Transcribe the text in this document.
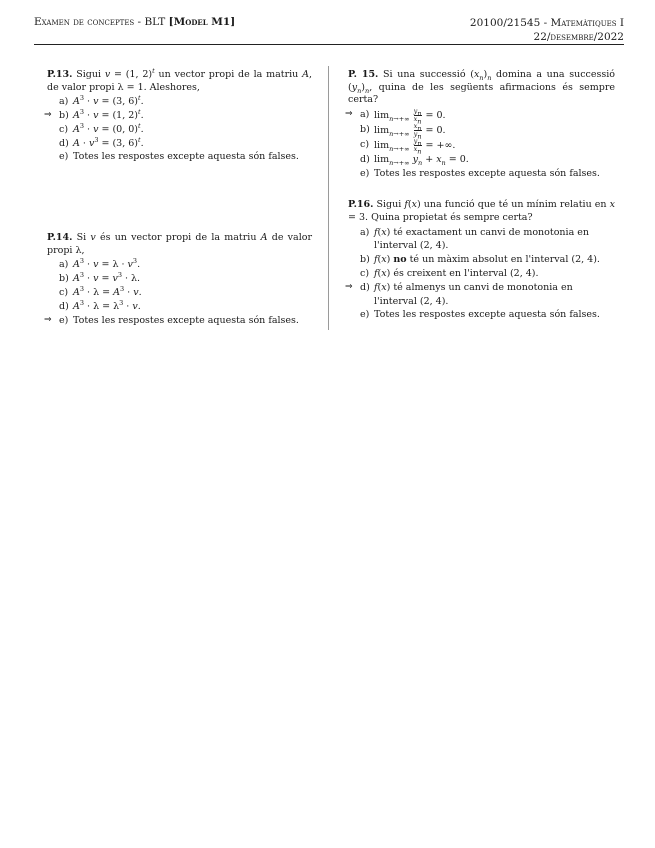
Examen de conceptes - BLT [Model M1]	20100/21545 - Matemàtiques I
22/desembre/2022
P.13. Sigui v = (1, 2)$^t$ un vector propi de la matriu A, de valor propi λ = 1. Aleshores,
a) $A^3 \cdot v = (3$, 6)$^t$.
⇒ b) $A^3 \cdot v = (1$, 2)$^t$.
c) $A^3 \cdot v = (0$, 0)$^t$.
d) $A \cdot v^3 = (3$, 6)$^t$.
e) Totes les respostes excepte aquesta són falses.
P.14. Si v és un vector propi de la matriu A de valor propi λ,
a) $A^3 \cdot v = \lambda \cdot v^3$.
b) $A^3 \cdot v = v^3 \cdot \lambda$.
c) $A^3 \cdot \lambda = A^3 \cdot v$.
d) $A^3 \cdot \lambda = \lambda^3 \cdot v$.
⇒ e) Totes les respostes excepte aquesta són falses.
P. 15. Si una successió $(x_n)_n$ domina a una successió $(y_n)_n$, quina de les següents afirmacions és sempre certa?
⇒ a) $\lim_{n\to+\infty} \frac{y_n}{x_n} = 0$.
b) $\lim_{n\to+\infty} \frac{x_n}{y_n} = 0$.
c) $\lim_{n\to+\infty} \frac{y_n}{x_n}$ = +∞.
d) $\lim_{n\to+\infty} y_n + x_n = 0$.
e) Totes les respostes excepte aquesta són falses.
P.16. Sigui f(x) una funció que té un mínim relatiu en x = 3. Quina propietat és sempre certa?
a) f(x) té exactament un canvi de monotonia en l'interval (2, 4).
b) f(x) no té un màxim absolut en l'interval (2, 4).
c) f(x) és creixent en l'interval (2, 4).
⇒ d) f(x) té almenys un canvi de monotonia en l'interval (2, 4).
e) Totes les respostes excepte aquesta són falses.
